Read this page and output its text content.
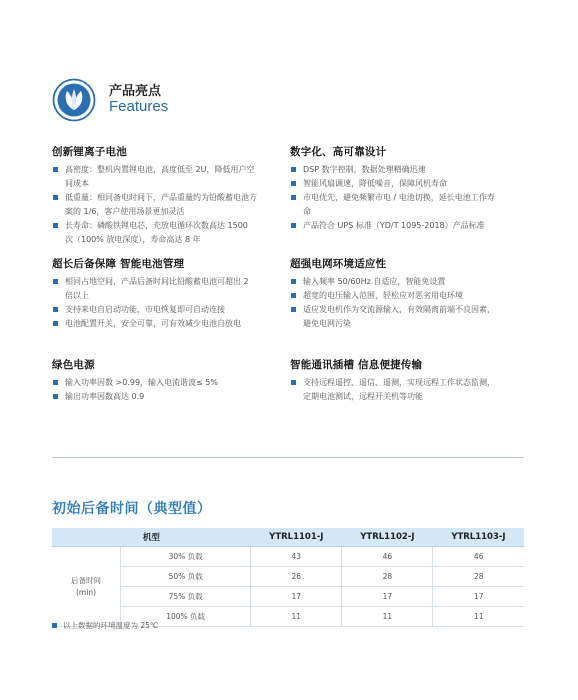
产品亮点
Features
创新锂离子电池
高密度：整机内置锂电池，高度低至 2U，降低用户空间成本
低重量：相同备电时间下，产品重量约为铅酸蓄电池方案的 1/6，客户使用场景更加灵活
长寿命：磷酸铁锂电芯，充放电循环次数高达 1500 次（100% 放电深度），寿命高达 8 年
数字化、高可靠设计
DSP 数字控制，数据处理精确迅速
智能风扇调速，降低噪音，保障风机寿命
市电优先，避免频繁市电 / 电池切换，延长电池工作寿命
产品符合 UPS 标准（YD/T 1095-2018）产品标准
超长后备保障 智能电池管理
相同占地空间，产品后备时间比铅酸蓄电池可超出 2 倍以上
支持来电自启动功能，市电恢复即可自动连接
电池配置开关，安全可靠，可有效减少电池自放电
超强电网环境适应性
输入频率 50/60Hz 自适应，智能免设置
超宽的电压输入范围，轻松应对恶劣用电环境
适应发电机作为交流源输入，有效隔离前端不良因素，避免电网污染
绿色电源
输入功率因数 >0.99，输入电流谐波≤ 5%
输出功率因数高达 0.9
智能通讯插槽 信息便捷传输
支持远程遥控、遥信、遥测，实现远程工作状态监测，定期电池测试，远程开关机等功能
初始后备时间（典型值）
机型		YTRL1101-J	YTRL1102-J	YTRL1103-J
后备时间
(min)	30% 负载	43	46	46
	50% 负载	26	28	28
	75% 负载	17	17	17
	100% 负载	11	11	11
以上数据的环境温度为 25℃
